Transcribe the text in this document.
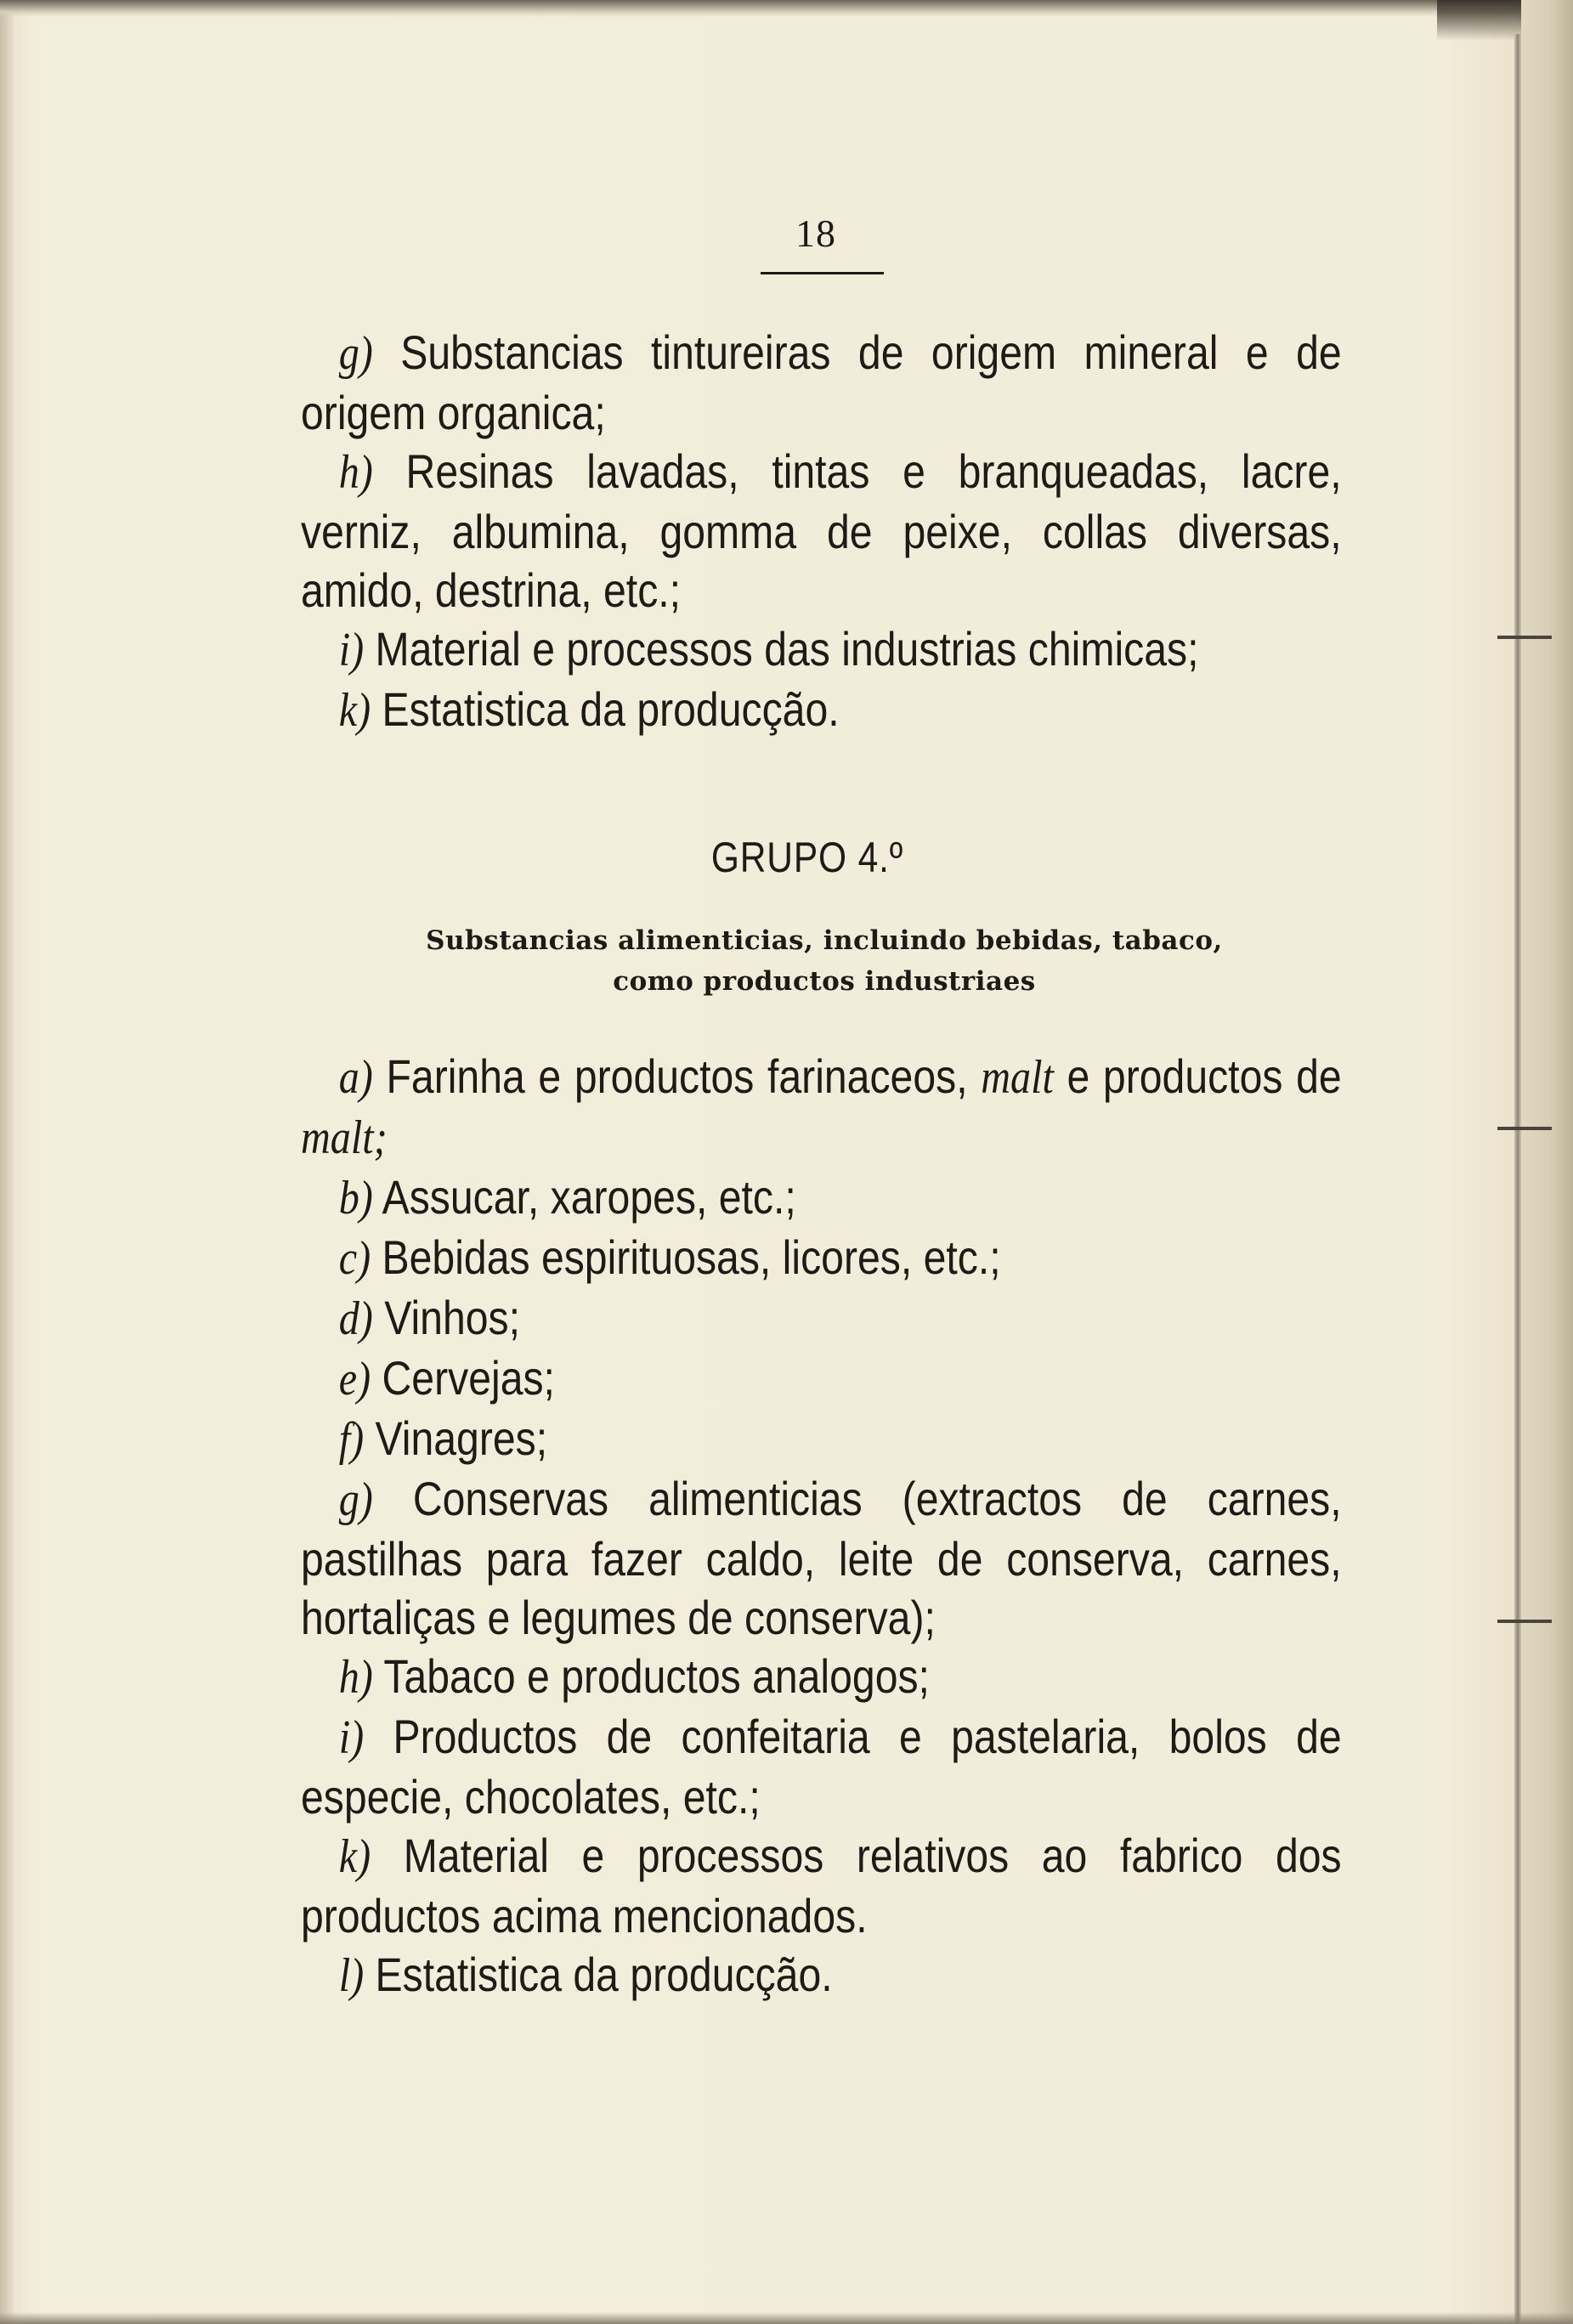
18

g) Substancias tintureiras de origem mineral e de origem organica;

h) Resinas lavadas, tintas e branqueadas, lacre, verniz, albumina, gomma de peixe, collas diversas, amido, destrina, etc.;

i) Material e processos das industrias chimicas;

k) Estatistica da producção.

GRUPO 4.º
Substancias alimenticias, incluindo bebidas, tabaco,
como productos industriaes

a) Farinha e productos farinaceos, malt e productos de malt;

b) Assucar, xaropes, etc.;

c) Bebidas espirituosas, licores, etc.;

d) Vinhos;

e) Cervejas;

f) Vinagres;

g) Conservas alimenticias (extractos de carnes, pastilhas para fazer caldo, leite de conserva, carnes, hortaliças e legumes de conserva);

h) Tabaco e productos analogos;

i) Productos de confeitaria e pastelaria, bolos de especie, chocolates, etc.;

k) Material e processos relativos ao fabrico dos productos acima mencionados.

l) Estatistica da producção.
